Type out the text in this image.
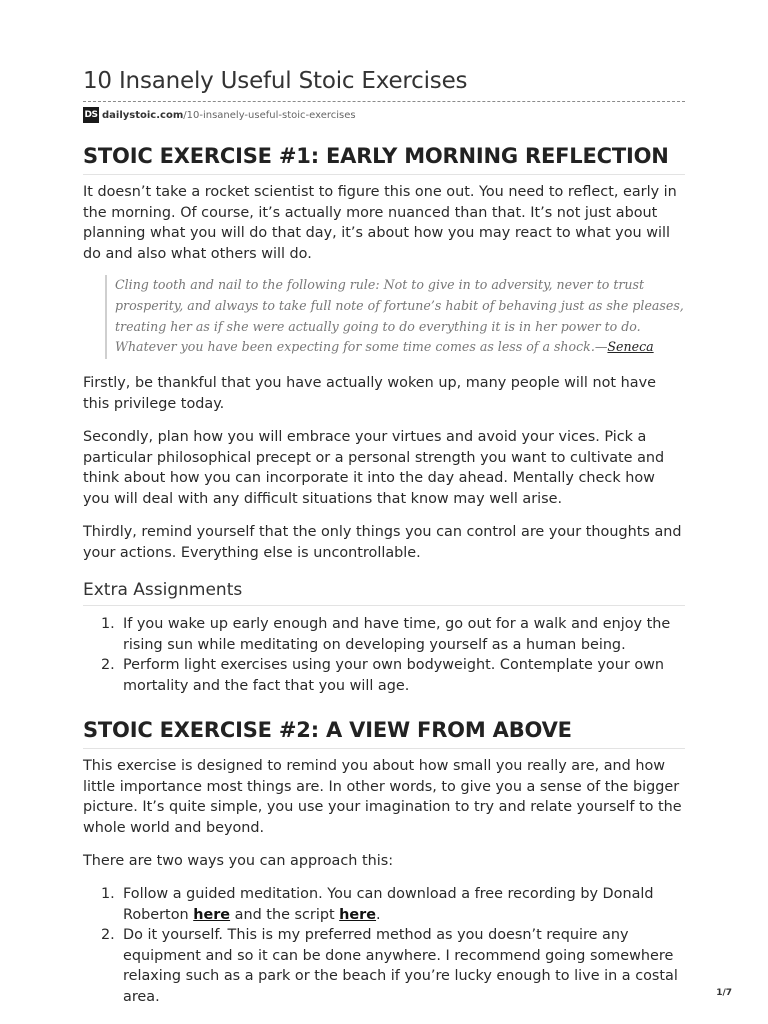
10 Insanely Useful Stoic Exercises
DS dailystoic.com /10-insanely-useful-stoic-exercises
STOIC EXERCISE #1: EARLY MORNING REFLECTION

It doesn’t take a rocket scientist to figure this one out. You need to reflect, early in the morning. Of course, it’s actually more nuanced than that. It’s not just about planning what you will do that day, it’s about how you may react to what you will do and also what others will do.

Cling tooth and nail to the following rule: Not to give in to adversity, never to trust prosperity, and always to take full note of fortune’s habit of behaving just as she pleases, treating her as if she were actually going to do everything it is in her power to do. Whatever you have been expecting for some time comes as less of a shock.—Seneca

Firstly, be thankful that you have actually woken up, many people will not have this privilege today.

Secondly, plan how you will embrace your virtues and avoid your vices. Pick a particular philosophical precept or a personal strength you want to cultivate and think about how you can incorporate it into the day ahead. Mentally check how you will deal with any difficult situations that know may well arise.

Thirdly, remind yourself that the only things you can control are your thoughts and your actions. Everything else is uncontrollable.

Extra Assignments
1. If you wake up early enough and have time, go out for a walk and enjoy the rising sun while meditating on developing yourself as a human being.
2. Perform light exercises using your own bodyweight. Contemplate your own mortality and the fact that you will age.
STOIC EXERCISE #2: A VIEW FROM ABOVE

This exercise is designed to remind you about how small you really are, and how little importance most things are. In other words, to give you a sense of the bigger picture. It’s quite simple, you use your imagination to try and relate yourself to the whole world and beyond.

There are two ways you can approach this:

1. Follow a guided meditation. You can download a free recording by Donald Roberton here and the script here.
2. Do it yourself. This is my preferred method as you doesn’t require any equipment and so it can be done anywhere. I recommend going somewhere relaxing such as a park or the beach if you’re lucky enough to live in a costal area.	1/7
